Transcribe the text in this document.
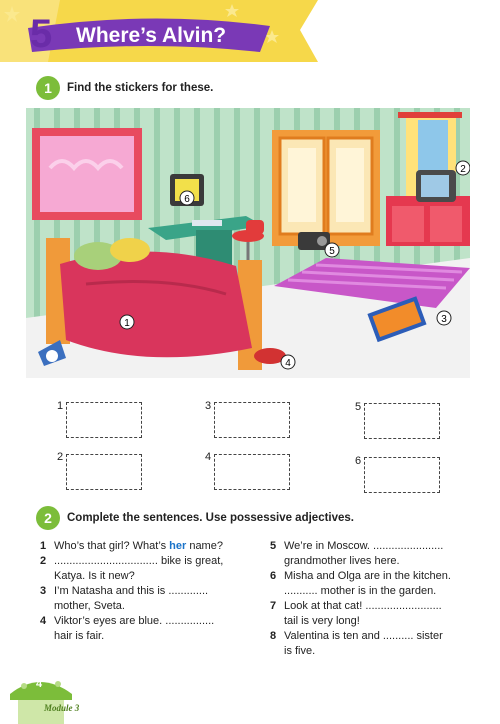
5 Where’s Alvin?
1	Find the stickers for these.
1
2
3
4
5
6
1	3	5
2	4	6
2	Complete the sentences. Use possessive adjectives.
1 Who’s that girl? What’s her name?
2 .................................. bike is great,
Katya. Is it new?
3 I’m Natasha and this is .............
mother, Sveta.
4 Viktor’s eyes are blue. ................
hair is fair.
5 We’re in Moscow. .......................
grandmother lives here.
6 Misha and Olga are in the kitchen.
........... mother is in the garden.
7 Look at that cat! .........................
tail is very long!
8 Valentina is ten and .......... sister
is five.
4
Module 3
